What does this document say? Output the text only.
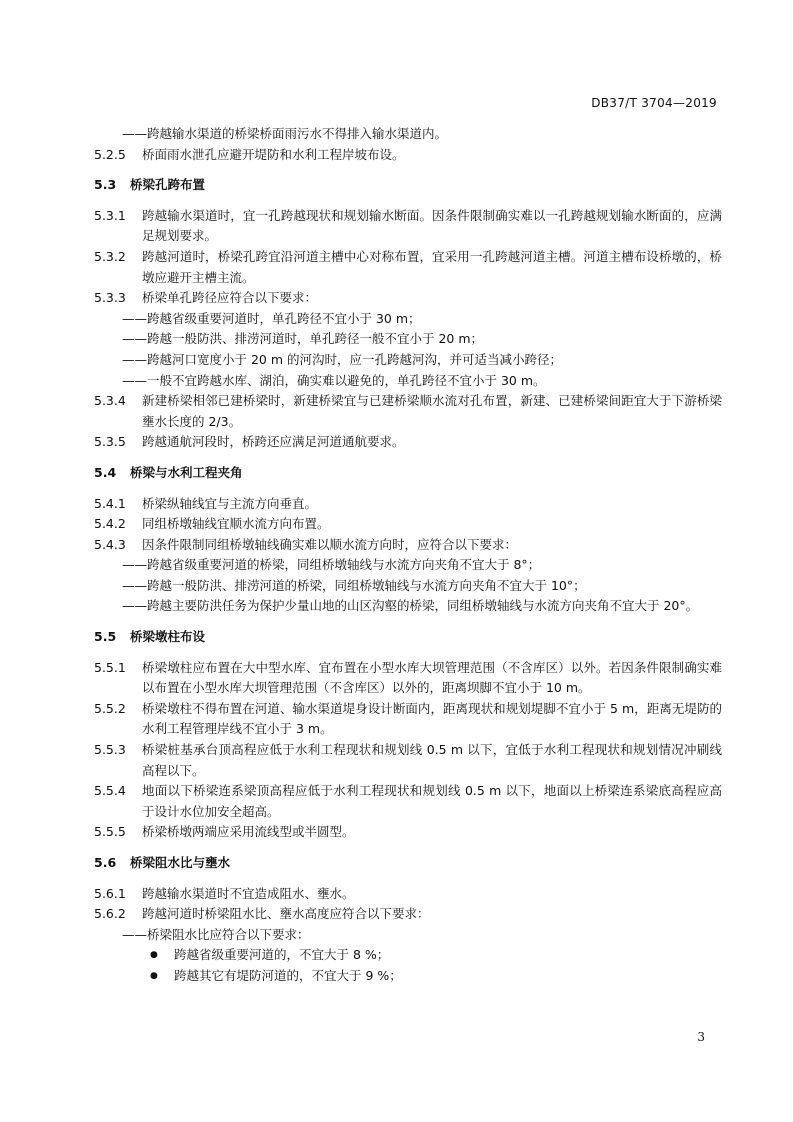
DB37/T 3704—2019
——跨越输水渠道的桥梁桥面雨污水不得排入输水渠道内。
5.2.5	桥面雨水泄孔应避开堤防和水利工程岸坡布设。
5.3	桥梁孔跨布置
5.3.1	跨越输水渠道时，宜一孔跨越现状和规划输水断面。因条件限制确实难以一孔跨越规划输水断面的，应满足规划要求。
5.3.2	跨越河道时，桥梁孔跨宜沿河道主槽中心对称布置，宜采用一孔跨越河道主槽。河道主槽布设桥墩的，桥墩应避开主槽主流。
5.3.3	桥梁单孔跨径应符合以下要求：
——跨越省级重要河道时，单孔跨径不宜小于 30 m；
——跨越一般防洪、排涝河道时，单孔跨径一般不宜小于 20 m；
——跨越河口宽度小于 20 m 的河沟时，应一孔跨越河沟，并可适当减小跨径；
——一般不宜跨越水库、湖泊，确实难以避免的，单孔跨径不宜小于 30 m。
5.3.4	新建桥梁相邻已建桥梁时，新建桥梁宜与已建桥梁顺水流对孔布置，新建、已建桥梁间距宜大于下游桥梁壅水长度的 2/3。
5.3.5	跨越通航河段时，桥跨还应满足河道通航要求。
5.4	桥梁与水利工程夹角
5.4.1	桥梁纵轴线宜与主流方向垂直。
5.4.2	同组桥墩轴线宜顺水流方向布置。
5.4.3	因条件限制同组桥墩轴线确实难以顺水流方向时，应符合以下要求：
——跨越省级重要河道的桥梁，同组桥墩轴线与水流方向夹角不宜大于 8°；
——跨越一般防洪、排涝河道的桥梁，同组桥墩轴线与水流方向夹角不宜大于 10°；
——跨越主要防洪任务为保护少量山地的山区沟壑的桥梁，同组桥墩轴线与水流方向夹角不宜大于 20°。
5.5	桥梁墩柱布设
5.5.1	桥梁墩柱应布置在大中型水库、宜布置在小型水库大坝管理范围（不含库区）以外。若因条件限制确实难以布置在小型水库大坝管理范围（不含库区）以外的，距离坝脚不宜小于 10 m。
5.5.2	桥梁墩柱不得布置在河道、输水渠道堤身设计断面内，距离现状和规划堤脚不宜小于 5 m，距离无堤防的水利工程管理岸线不宜小于 3 m。
5.5.3	桥梁桩基承台顶高程应低于水利工程现状和规划线 0.5 m 以下，宜低于水利工程现状和规划情况冲刷线高程以下。
5.5.4	地面以下桥梁连系梁顶高程应低于水利工程现状和规划线 0.5 m 以下，地面以上桥梁连系梁底高程应高于设计水位加安全超高。
5.5.5	桥梁桥墩两端应采用流线型或半圆型。
5.6	桥梁阻水比与壅水
5.6.1	跨越输水渠道时不宜造成阻水、壅水。
5.6.2	跨越河道时桥梁阻水比、壅水高度应符合以下要求：
——桥梁阻水比应符合以下要求：
●	跨越省级重要河道的，不宜大于 8 %；
●	跨越其它有堤防河道的，不宜大于 9 %；
3
